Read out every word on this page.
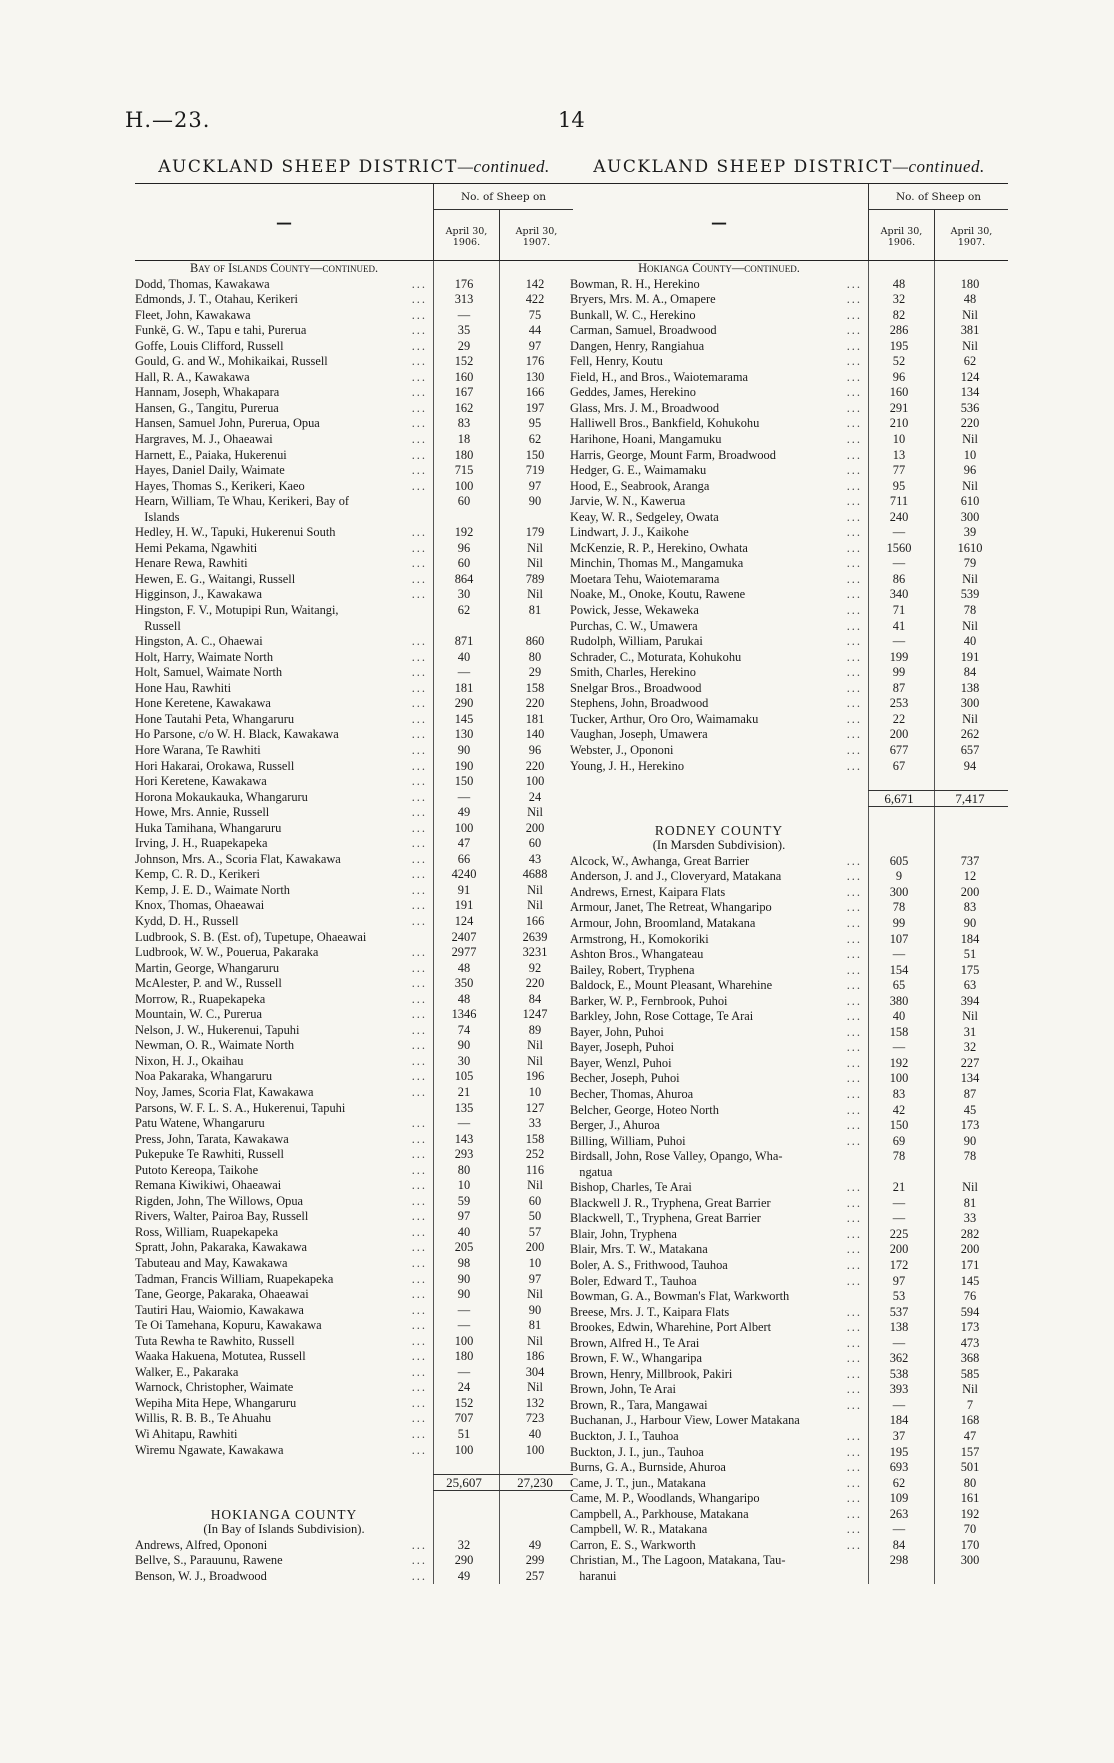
H.—23.	14
AUCKLAND SHEEP DISTRICT—continued.
—
No. of Sheep on
April 30,
1906.
April 30,
1907.
Bay of Islands County—continued.
Dodd, Thomas, Kawakawa	...	176	142
Edmonds, J. T., Otahau, Kerikeri	...	313	422
Fleet, John, Kawakawa	...	—	75
Funkë, G. W., Tapu e tahi, Purerua	...	35	44
Goffe, Louis Clifford, Russell	...	29	97
Gould, G. and W., Mohikaikai, Russell	...	152	176
Hall, R. A., Kawakawa	...	160	130
Hannam, Joseph, Whakapara	...	167	166
Hansen, G., Tangitu, Purerua	...	162	197
Hansen, Samuel John, Purerua, Opua	...	83	95
Hargraves, M. J., Ohaeawai	...	18	62
Harnett, E., Paiaka, Hukerenui	...	180	150
Hayes, Daniel Daily, Waimate	...	715	719
Hayes, Thomas S., Kerikeri, Kaeo	...	100	97
Hearn, William, Te Whau, Kerikeri, Bay of	60	90
Islands
Hedley, H. W., Tapuki, Hukerenui South	...	192	179
Hemi Pekama, Ngawhiti	...	96	Nil
Henare Rewa, Rawhiti	...	60	Nil
Hewen, E. G., Waitangi, Russell	...	864	789
Higginson, J., Kawakawa	...	30	Nil
Hingston, F. V., Motupipi Run, Waitangi,	62	81
Russell
Hingston, A. C., Ohaewai	...	871	860
Holt, Harry, Waimate North	...	40	80
Holt, Samuel, Waimate North	...	—	29
Hone Hau, Rawhiti	...	181	158
Hone Keretene, Kawakawa	...	290	220
Hone Tautahi Peta, Whangaruru	...	145	181
Ho Parsone, c/o W. H. Black, Kawakawa	...	130	140
Hore Warana, Te Rawhiti	...	90	96
Hori Hakarai, Orokawa, Russell	...	190	220
Hori Keretene, Kawakawa	...	150	100
Horona Mokaukauka, Whangaruru	...	—	24
Howe, Mrs. Annie, Russell	...	49	Nil
Huka Tamihana, Whangaruru	...	100	200
Irving, J. H., Ruapekapeka	...	47	60
Johnson, Mrs. A., Scoria Flat, Kawakawa	...	66	43
Kemp, C. R. D., Kerikeri	...	4240	4688
Kemp, J. E. D., Waimate North	...	91	Nil
Knox, Thomas, Ohaeawai	...	191	Nil
Kydd, D. H., Russell	...	124	166
Ludbrook, S. B. (Est. of), Tupetupe, Ohaeawai	2407	2639
Ludbrook, W. W., Pouerua, Pakaraka	...	2977	3231
Martin, George, Whangaruru	...	48	92
McAlester, P. and W., Russell	...	350	220
Morrow, R., Ruapekapeka	...	48	84
Mountain, W. C., Purerua	...	1346	1247
Nelson, J. W., Hukerenui, Tapuhi	...	74	89
Newman, O. R., Waimate North	...	90	Nil
Nixon, H. J., Okaihau	...	30	Nil
Noa Pakaraka, Whangaruru	...	105	196
Noy, James, Scoria Flat, Kawakawa	...	21	10
Parsons, W. F. L. S. A., Hukerenui, Tapuhi	135	127
Patu Watene, Whangaruru	...	—	33
Press, John, Tarata, Kawakawa	...	143	158
Pukepuke Te Rawhiti, Russell	...	293	252
Putoto Kereopa, Taikohe	...	80	116
Remana Kiwikiwi, Ohaeawai	...	10	Nil
Rigden, John, The Willows, Opua	...	59	60
Rivers, Walter, Pairoa Bay, Russell	...	97	50
Ross, William, Ruapekapeka	...	40	57
Spratt, John, Pakaraka, Kawakawa	...	205	200
Tabuteau and May, Kawakawa	...	98	10
Tadman, Francis William, Ruapekapeka	...	90	97
Tane, George, Pakaraka, Ohaeawai	...	90	Nil
Tautiri Hau, Waiomio, Kawakawa	...	—	90
Te Oi Tamehana, Kopuru, Kawakawa	...	—	81
Tuta Rewha te Rawhito, Russell	...	100	Nil
Waaka Hakuena, Motutea, Russell	...	180	186
Walker, E., Pakaraka	...	—	304
Warnock, Christopher, Waimate	...	24	Nil
Wepiha Mita Hepe, Whangaruru	...	152	132
Willis, R. B. B., Te Ahuahu	...	707	723
Wi Ahitapu, Rawhiti	...	51	40
Wiremu Ngawate, Kawakawa	...	100	100
25,607	27,230
HOKIANGA COUNTY
(In Bay of Islands Subdivision).
Andrews, Alfred, Opononi	...	32	49
Bellve, S., Parauunu, Rawene	...	290	299
Benson, W. J., Broadwood	...	49	257
AUCKLAND SHEEP DISTRICT—continued.
—
No. of Sheep on
April 30,
1906.
April 30,
1907.
Hokianga County—continued.
Bowman, R. H., Herekino	...	48	180
Bryers, Mrs. M. A., Omapere	...	32	48
Bunkall, W. C., Herekino	...	82	Nil
Carman, Samuel, Broadwood	...	286	381
Dangen, Henry, Rangiahua	...	195	Nil
Fell, Henry, Koutu	...	52	62
Field, H., and Bros., Waiotemarama	...	96	124
Geddes, James, Herekino	...	160	134
Glass, Mrs. J. M., Broadwood	...	291	536
Halliwell Bros., Bankfield, Kohukohu	...	210	220
Harihone, Hoani, Mangamuku	...	10	Nil
Harris, George, Mount Farm, Broadwood	...	13	10
Hedger, G. E., Waimamaku	...	77	96
Hood, E., Seabrook, Aranga	...	95	Nil
Jarvie, W. N., Kawerua	...	711	610
Keay, W. R., Sedgeley, Owata	...	240	300
Lindwart, J. J., Kaikohe	...	—	39
McKenzie, R. P., Herekino, Owhata	...	1560	1610
Minchin, Thomas M., Mangamuka	...	—	79
Moetara Tehu, Waiotemarama	...	86	Nil
Noake, M., Onoke, Koutu, Rawene	...	340	539
Powick, Jesse, Wekaweka	...	71	78
Purchas, C. W., Umawera	...	41	Nil
Rudolph, William, Parukai	...	—	40
Schrader, C., Moturata, Kohukohu	...	199	191
Smith, Charles, Herekino	...	99	84
Snelgar Bros., Broadwood	...	87	138
Stephens, John, Broadwood	...	253	300
Tucker, Arthur, Oro Oro, Waimamaku	...	22	Nil
Vaughan, Joseph, Umawera	...	200	262
Webster, J., Opononi	...	677	657
Young, J. H., Herekino	...	67	94
6,671	7,417
RODNEY COUNTY
(In Marsden Subdivision).
Alcock, W., Awhanga, Great Barrier	...	605	737
Anderson, J. and J., Cloveryard, Matakana	...	9	12
Andrews, Ernest, Kaipara Flats	...	300	200
Armour, Janet, The Retreat, Whangaripo	...	78	83
Armour, John, Broomland, Matakana	...	99	90
Armstrong, H., Komokoriki	...	107	184
Ashton Bros., Whangateau	...	—	51
Bailey, Robert, Tryphena	...	154	175
Baldock, E., Mount Pleasant, Wharehine	...	65	63
Barker, W. P., Fernbrook, Puhoi	...	380	394
Barkley, John, Rose Cottage, Te Arai	...	40	Nil
Bayer, John, Puhoi	...	158	31
Bayer, Joseph, Puhoi	...	—	32
Bayer, Wenzl, Puhoi	...	192	227
Becher, Joseph, Puhoi	...	100	134
Becher, Thomas, Ahuroa	...	83	87
Belcher, George, Hoteo North	...	42	45
Berger, J., Ahuroa	...	150	173
Billing, William, Puhoi	...	69	90
Birdsall, John, Rose Valley, Opango, Wha-	78	78
ngatua
Bishop, Charles, Te Arai	...	21	Nil
Blackwell J. R., Tryphena, Great Barrier	...	—	81
Blackwell, T., Tryphena, Great Barrier	...	—	33
Blair, John, Tryphena	...	225	282
Blair, Mrs. T. W., Matakana	...	200	200
Boler, A. S., Frithwood, Tauhoa	...	172	171
Boler, Edward T., Tauhoa	...	97	145
Bowman, G. A., Bowman's Flat, Warkworth	53	76
Breese, Mrs. J. T., Kaipara Flats	...	537	594
Brookes, Edwin, Wharehine, Port Albert	...	138	173
Brown, Alfred H., Te Arai	...	—	473
Brown, F. W., Whangaripa	...	362	368
Brown, Henry, Millbrook, Pakiri	...	538	585
Brown, John, Te Arai	...	393	Nil
Brown, R., Tara, Mangawai	...	—	7
Buchanan, J., Harbour View, Lower Matakana	184	168
Buckton, J. I., Tauhoa	...	37	47
Buckton, J. I., jun., Tauhoa	...	195	157
Burns, G. A., Burnside, Ahuroa	...	693	501
Came, J. T., jun., Matakana	...	62	80
Came, M. P., Woodlands, Whangaripo	...	109	161
Campbell, A., Parkhouse, Matakana	...	263	192
Campbell, W. R., Matakana	...	—	70
Carron, E. S., Warkworth	...	84	170
Christian, M., The Lagoon, Matakana, Tau-	298	300
haranui
